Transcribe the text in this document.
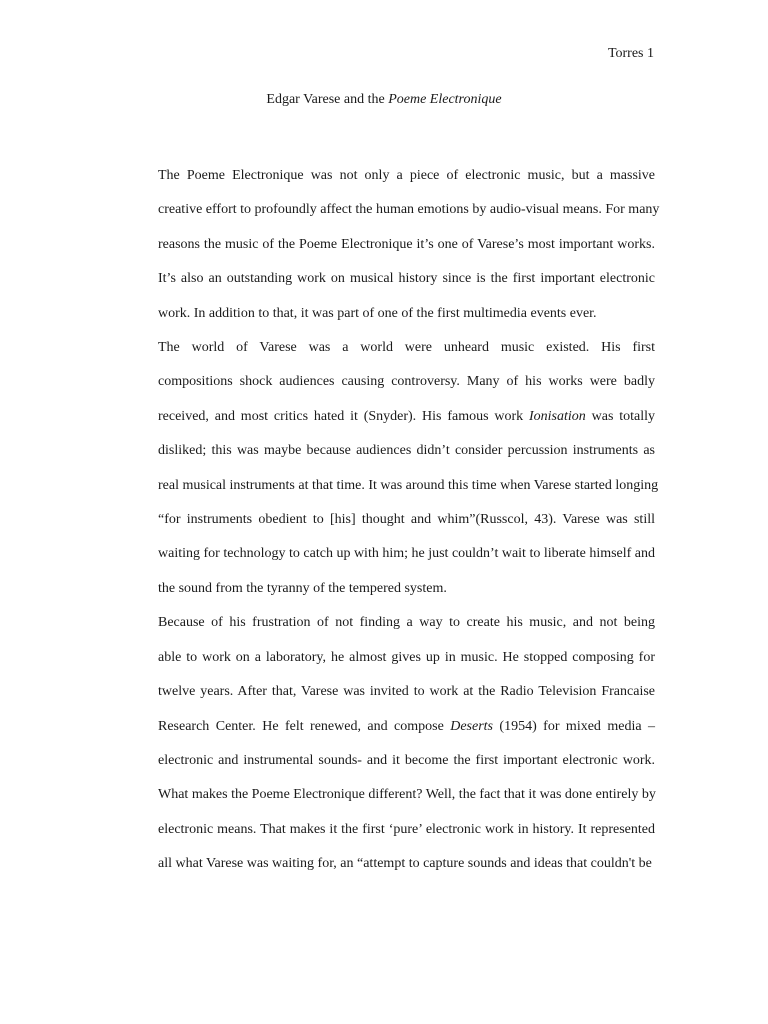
Torres 1
Edgar Varese and the Poeme Electronique

The Poeme Electronique was not only a piece of electronic music, but a massive
creative effort to profoundly affect the human emotions by audio-visual means. For many
reasons the music of the Poeme Electronique it’s one of Varese’s most important works.
It’s also an outstanding work on musical history since is the first important electronic
work. In addition to that, it was part of one of the first multimedia events ever.

The world of Varese was a world were unheard music existed. His first
compositions shock audiences causing controversy. Many of his works were badly
received, and most critics hated it (Snyder). His famous work Ionisation was totally
disliked; this was maybe because audiences didn’t consider percussion instruments as
real musical instruments at that time. It was around this time when Varese started longing
“for instruments obedient to [his] thought and whim”(Russcol, 43). Varese was still
waiting for technology to catch up with him; he just couldn’t wait to liberate himself and
the sound from the tyranny of the tempered system.

Because of his frustration of not finding a way to create his music, and not being
able to work on a laboratory, he almost gives up in music. He stopped composing for
twelve years. After that, Varese was invited to work at the Radio Television Francaise
Research Center. He felt renewed, and compose Deserts (1954) for mixed media –
electronic and instrumental sounds- and it become the first important electronic work.
What makes the Poeme Electronique different? Well, the fact that it was done entirely by
electronic means. That makes it the first ‘pure’ electronic work in history. It represented
all what Varese was waiting for, an “attempt to capture sounds and ideas that couldn't be
